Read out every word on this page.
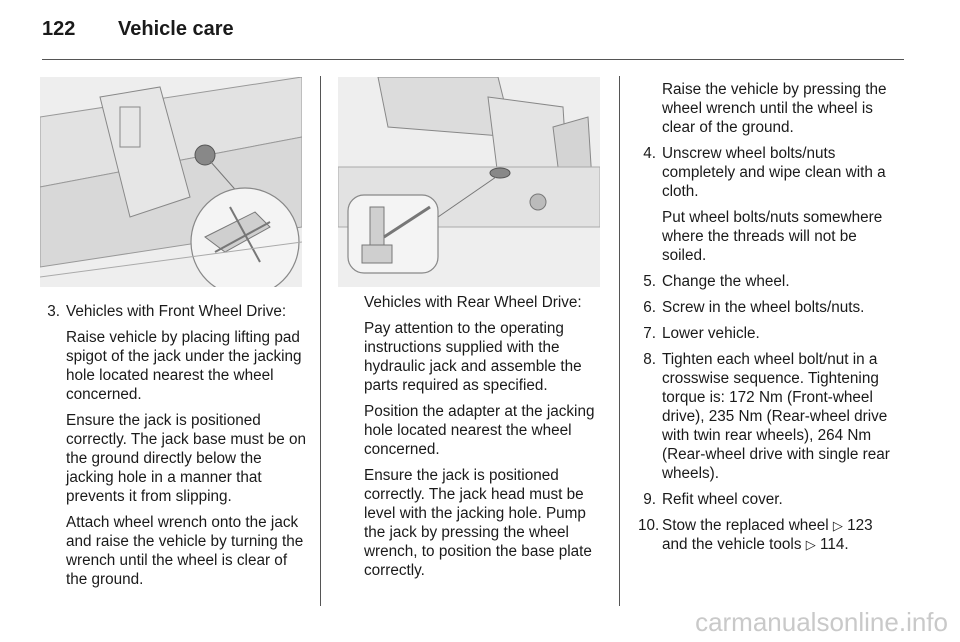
122 Vehicle care
3. Vehicles with Front Wheel Drive:

Raise vehicle by placing lifting pad spigot of the jack under the jacking hole located nearest the wheel concerned.

Ensure the jack is positioned correctly. The jack base must be on the ground directly below the jacking hole in a manner that prevents it from slipping.

Attach wheel wrench onto the jack and raise the vehicle by turning the wrench until the wheel is clear of the ground.

Vehicles with Rear Wheel Drive:

Pay attention to the operating instructions supplied with the hydraulic jack and assemble the parts required as specified.

Position the adapter at the jacking hole located nearest the wheel concerned.

Ensure the jack is positioned correctly. The jack head must be level with the jacking hole. Pump the jack by pressing the wheel wrench, to position the base plate correctly.

Raise the vehicle by pressing the wheel wrench until the wheel is clear of the ground.

4. Unscrew wheel bolts/nuts completely and wipe clean with a cloth.

Put wheel bolts/nuts somewhere where the threads will not be soiled.

5. Change the wheel.
6. Screw in the wheel bolts/nuts.
7. Lower vehicle.
8. Tighten each wheel bolt/nut in a crosswise sequence. Tightening torque is: 172 Nm (Front-wheel drive), 235 Nm (Rear-wheel drive with twin rear wheels), 264 Nm (Rear-wheel drive with single rear wheels).
9. Refit wheel cover.
10. Stow the replaced wheel ▷ 123 and the vehicle tools ▷ 114.
carmanualsonline.info
